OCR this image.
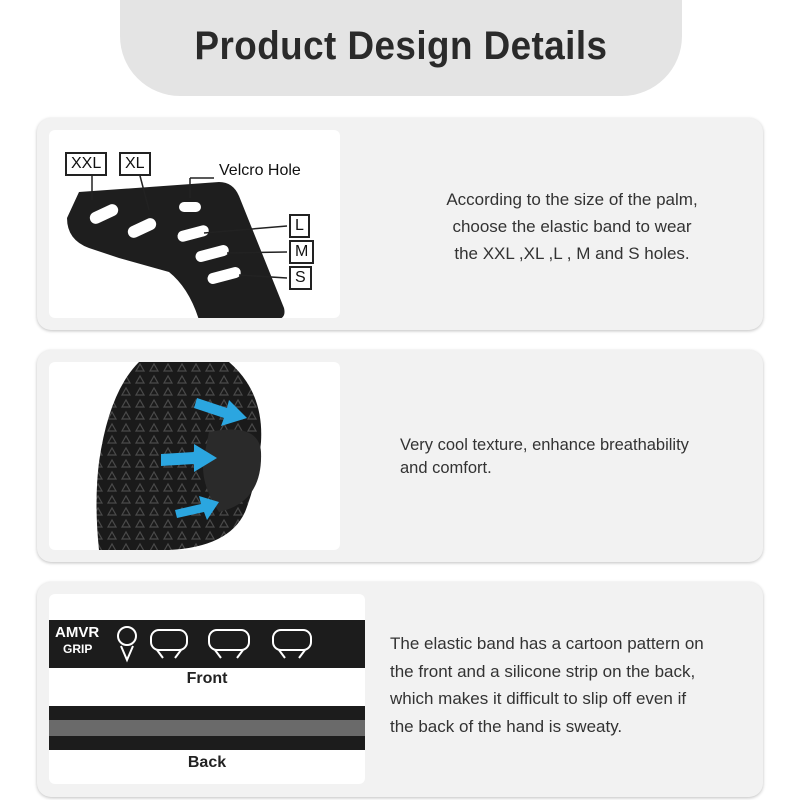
Product Design Details
XXL	XL	Velcro Hole
L
M
S
According to the size of the palm,
choose the elastic band to wear
the XXL ,XL ,L , M and S holes.
Very cool texture, enhance breathability
and comfort.
AMVR
GRIP
Front
Back
The elastic band has a cartoon pattern on
the front and a silicone strip on the back,
which makes it difficult to slip off even if
the back of the hand is sweaty.
